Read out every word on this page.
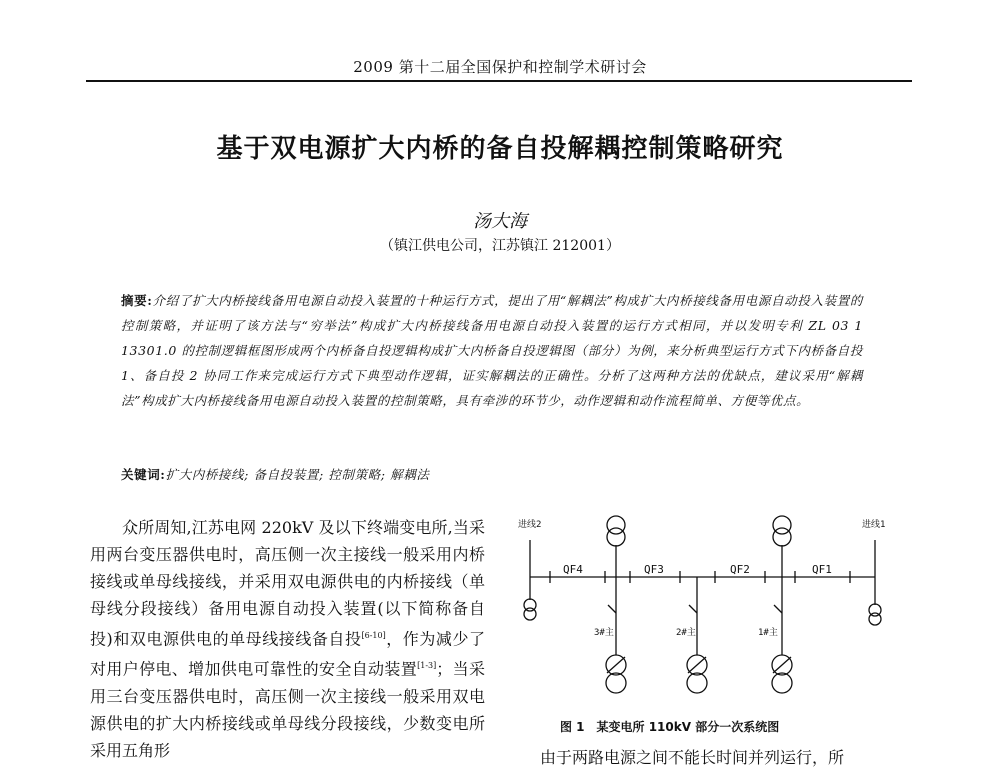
2009 第十二届全国保护和控制学术研讨会
基于双电源扩大内桥的备自投解耦控制策略研究
汤大海
（镇江供电公司，江苏镇江 212001）
摘要:介绍了扩大内桥接线备用电源自动投入装置的十种运行方式，提出了用“解耦法”构成扩大内桥接线备用电源自动投入装置的控制策略，并证明了该方法与“穷举法”构成扩大内桥接线备用电源自动投入装置的运行方式相同，并以发明专利 ZL 03 1 13301.0 的控制逻辑框图形成两个内桥备自投逻辑构成扩大内桥备自投逻辑图（部分）为例，来分析典型运行方式下内桥备自投 1、备自投 2 协同工作来完成运行方式下典型动作逻辑，证实解耦法的正确性。分析了这两种方法的优缺点，建议采用“解耦法”构成扩大内桥接线备用电源自动投入装置的控制策略，具有牵涉的环节少，动作逻辑和动作流程简单、方便等优点。
关键词:扩大内桥接线; 备自投装置; 控制策略; 解耦法

众所周知,江苏电网 220kV 及以下终端变电所,当采用两台变压器供电时，高压侧一次主接线一般采用内桥接线或单母线接线，并采用双电源供电的内桥接线（单母线分段接线）备用电源自动投入装置(以下简称备自投)和双电源供电的单母线接线备自投[6-10]，作为减少了对用户停电、增加供电可靠性的安全自动装置[1-3]；当采用三台变压器供电时，高压侧一次主接线一般采用双电源供电的扩大内桥接线或单母线分段接线，少数变电所采用五角形

进线2	进线1
QF4	QF3	QF2	QF1
3#主	2#主	1#主
图 1　某变电所 110kV 部分一次系统图
由于两路电源之间不能长时间并列运行，所
